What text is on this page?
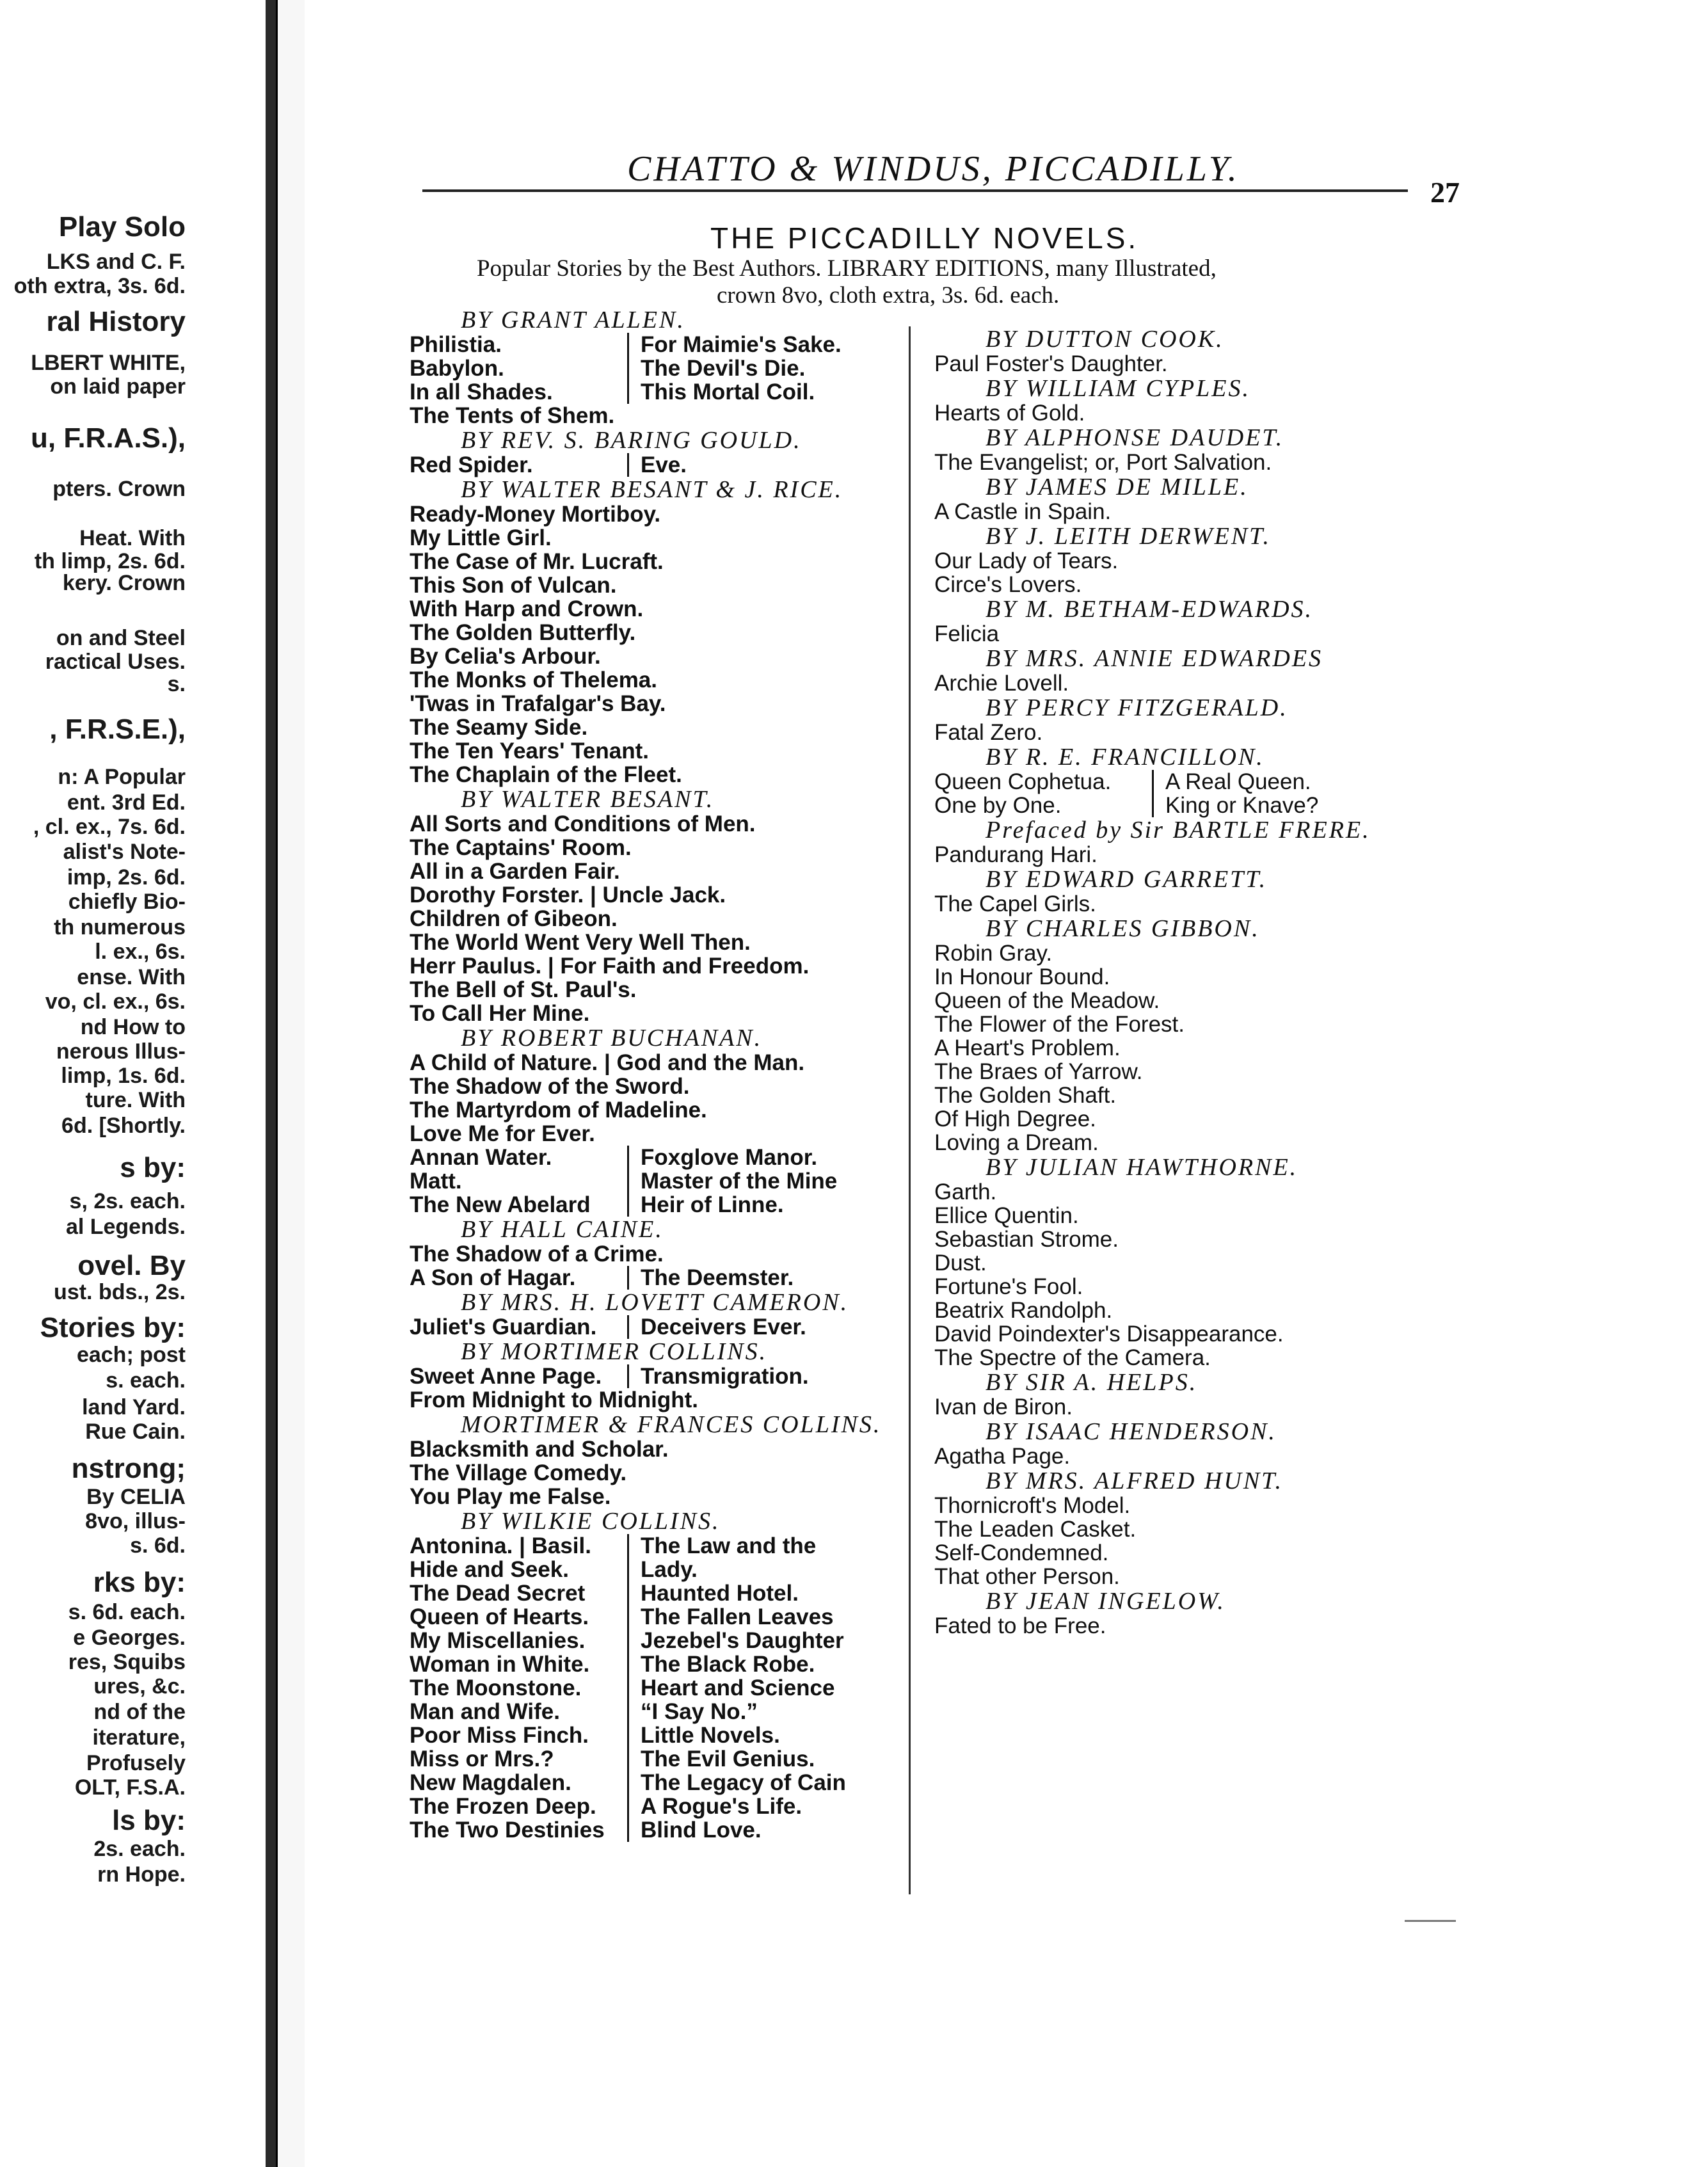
Play Solo
LKS and C. F.
oth extra, 3s. 6d.
ral History
LBERT WHITE,
on laid paper
u, F.R.A.S.),
pters. Crown
Heat. With
th limp, 2s. 6d.
kery. Crown
on and Steel
ractical Uses.
s.
, F.R.S.E.),
n: A Popular
ent. 3rd Ed.
, cl. ex., 7s. 6d.
alist's Note-
imp, 2s. 6d.
chiefly Bio-
th numerous
l. ex., 6s.
ense. With
vo, cl. ex., 6s.
nd How to
nerous Illus-
limp, 1s. 6d.
ture. With
6d. [Shortly.
s by:
s, 2s. each.
al Legends.
ovel. By
ust. bds., 2s.
Stories by:
each; post
s. each.
land Yard.
Rue Cain.
nstrong;
By CELIA
8vo, illus-
s. 6d.
rks by:
s. 6d. each.
e Georges.
res, Squibs
ures, &c.
nd of the
iterature,
Profusely
OLT, F.S.A.
ls by:
2s. each.
rn Hope.
CHATTO & WINDUS, PICCADILLY.
27
THE PICCADILLY NOVELS.
Popular Stories by the Best Authors. LIBRARY EDITIONS, many Illustrated,
crown 8vo, cloth extra, 3s. 6d. each.
BY GRANT ALLEN.
Philistia.	For Maimie's Sake.
Babylon.	The Devil's Die.
In all Shades.	This Mortal Coil.
The Tents of Shem.
BY REV. S. BARING GOULD.
Red Spider.	Eve.
BY WALTER BESANT & J. RICE.
Ready-Money Mortiboy.
My Little Girl.
The Case of Mr. Lucraft.
This Son of Vulcan.
With Harp and Crown.
The Golden Butterfly.
By Celia's Arbour.
The Monks of Thelema.
'Twas in Trafalgar's Bay.
The Seamy Side.
The Ten Years' Tenant.
The Chaplain of the Fleet.
BY WALTER BESANT.
All Sorts and Conditions of Men.
The Captains' Room.
All in a Garden Fair.
Dorothy Forster. | Uncle Jack.
Children of Gibeon.
The World Went Very Well Then.
Herr Paulus. | For Faith and Freedom.
The Bell of St. Paul's.
To Call Her Mine.
BY ROBERT BUCHANAN.
A Child of Nature. | God and the Man.
The Shadow of the Sword.
The Martyrdom of Madeline.
Love Me for Ever.
Annan Water.	Foxglove Manor.
Matt.	Master of the Mine
The New Abelard	Heir of Linne.
BY HALL CAINE.
The Shadow of a Crime.
A Son of Hagar.	The Deemster.
BY MRS. H. LOVETT CAMERON.
Juliet's Guardian.	Deceivers Ever.
BY MORTIMER COLLINS.
Sweet Anne Page.	Transmigration.
From Midnight to Midnight.
MORTIMER & FRANCES COLLINS.
Blacksmith and Scholar.
The Village Comedy.
You Play me False.
BY WILKIE COLLINS.
Antonina. | Basil.	The Law and the
Hide and Seek.	Lady.
The Dead Secret	Haunted Hotel.
Queen of Hearts.	The Fallen Leaves
My Miscellanies.	Jezebel's Daughter
Woman in White.	The Black Robe.
The Moonstone.	Heart and Science
Man and Wife.	“I Say No.”
Poor Miss Finch.	Little Novels.
Miss or Mrs.?	The Evil Genius.
New Magdalen.	The Legacy of Cain
The Frozen Deep.	A Rogue's Life.
The Two Destinies	Blind Love.
BY DUTTON COOK.
Paul Foster's Daughter.
BY WILLIAM CYPLES.
Hearts of Gold.
BY ALPHONSE DAUDET.
The Evangelist; or, Port Salvation.
BY JAMES DE MILLE.
A Castle in Spain.
BY J. LEITH DERWENT.
Our Lady of Tears.
Circe's Lovers.
BY M. BETHAM-EDWARDS.
Felicia
BY MRS. ANNIE EDWARDES
Archie Lovell.
BY PERCY FITZGERALD.
Fatal Zero.
BY R. E. FRANCILLON.
Queen Cophetua.	A Real Queen.
One by One.	King or Knave?
Prefaced by Sir BARTLE FRERE.
Pandurang Hari.
BY EDWARD GARRETT.
The Capel Girls.
BY CHARLES GIBBON.
Robin Gray.
In Honour Bound.
Queen of the Meadow.
The Flower of the Forest.
A Heart's Problem.
The Braes of Yarrow.
The Golden Shaft.
Of High Degree.
Loving a Dream.
BY JULIAN HAWTHORNE.
Garth.
Ellice Quentin.
Sebastian Strome.
Dust.
Fortune's Fool.
Beatrix Randolph.
David Poindexter's Disappearance.
The Spectre of the Camera.
BY SIR A. HELPS.
Ivan de Biron.
BY ISAAC HENDERSON.
Agatha Page.
BY MRS. ALFRED HUNT.
Thornicroft's Model.
The Leaden Casket.
Self-Condemned.
That other Person.
BY JEAN INGELOW.
Fated to be Free.
